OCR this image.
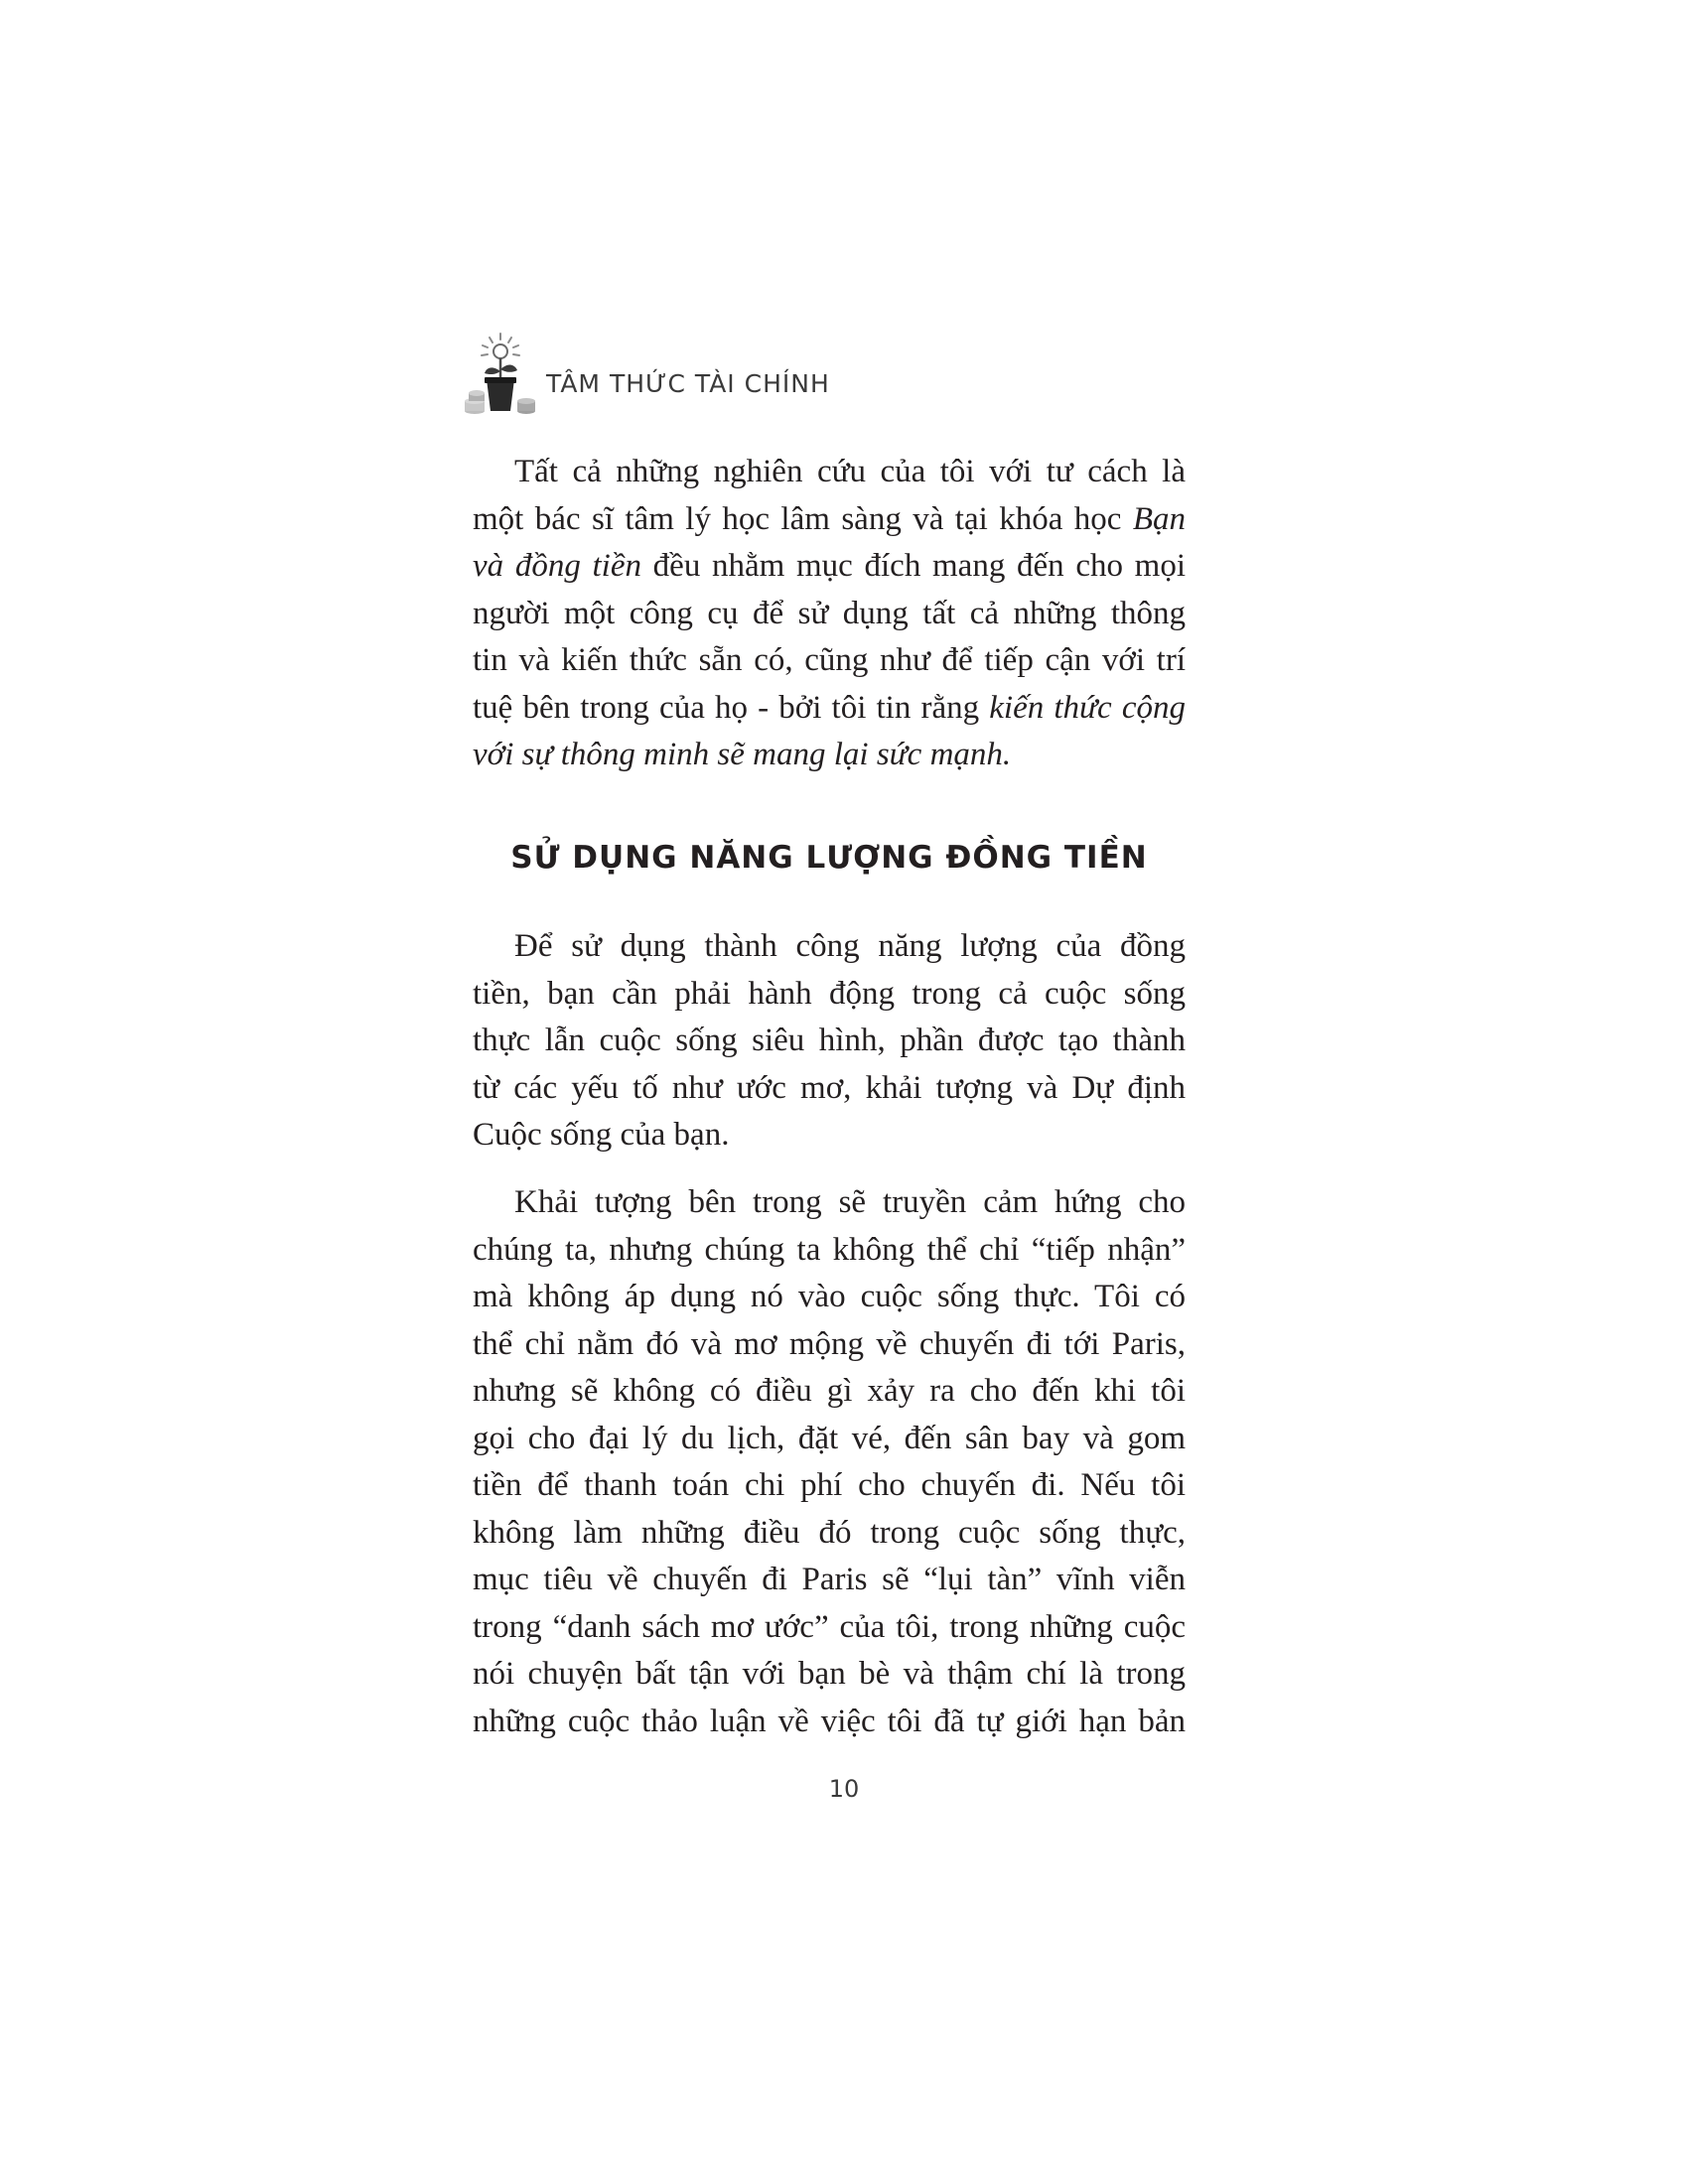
TÂM THỨC TÀI CHÍNH
Tất cả những nghiên cứu của tôi với tư cách là
một bác sĩ tâm lý học lâm sàng và tại khóa học Bạn
và đồng tiền đều nhằm mục đích mang đến cho mọi
người một công cụ để sử dụng tất cả những thông
tin và kiến thức sẵn có, cũng như để tiếp cận với trí
tuệ bên trong của họ - bởi tôi tin rằng kiến thức cộng
với sự thông minh sẽ mang lại sức mạnh.
SỬ DỤNG NĂNG LƯỢNG ĐỒNG TIỀN
Để sử dụng thành công năng lượng của đồng
tiền, bạn cần phải hành động trong cả cuộc sống
thực lẫn cuộc sống siêu hình, phần được tạo thành
từ các yếu tố như ước mơ, khải tượng và Dự định
Cuộc sống của bạn.
Khải tượng bên trong sẽ truyền cảm hứng cho
chúng ta, nhưng chúng ta không thể chỉ “tiếp nhận”
mà không áp dụng nó vào cuộc sống thực. Tôi có
thể chỉ nằm đó và mơ mộng về chuyến đi tới Paris,
nhưng sẽ không có điều gì xảy ra cho đến khi tôi
gọi cho đại lý du lịch, đặt vé, đến sân bay và gom
tiền để thanh toán chi phí cho chuyến đi. Nếu tôi
không làm những điều đó trong cuộc sống thực,
mục tiêu về chuyến đi Paris sẽ “lụi tàn” vĩnh viễn
trong “danh sách mơ ước” của tôi, trong những cuộc
nói chuyện bất tận với bạn bè và thậm chí là trong
những cuộc thảo luận về việc tôi đã tự giới hạn bản
10
